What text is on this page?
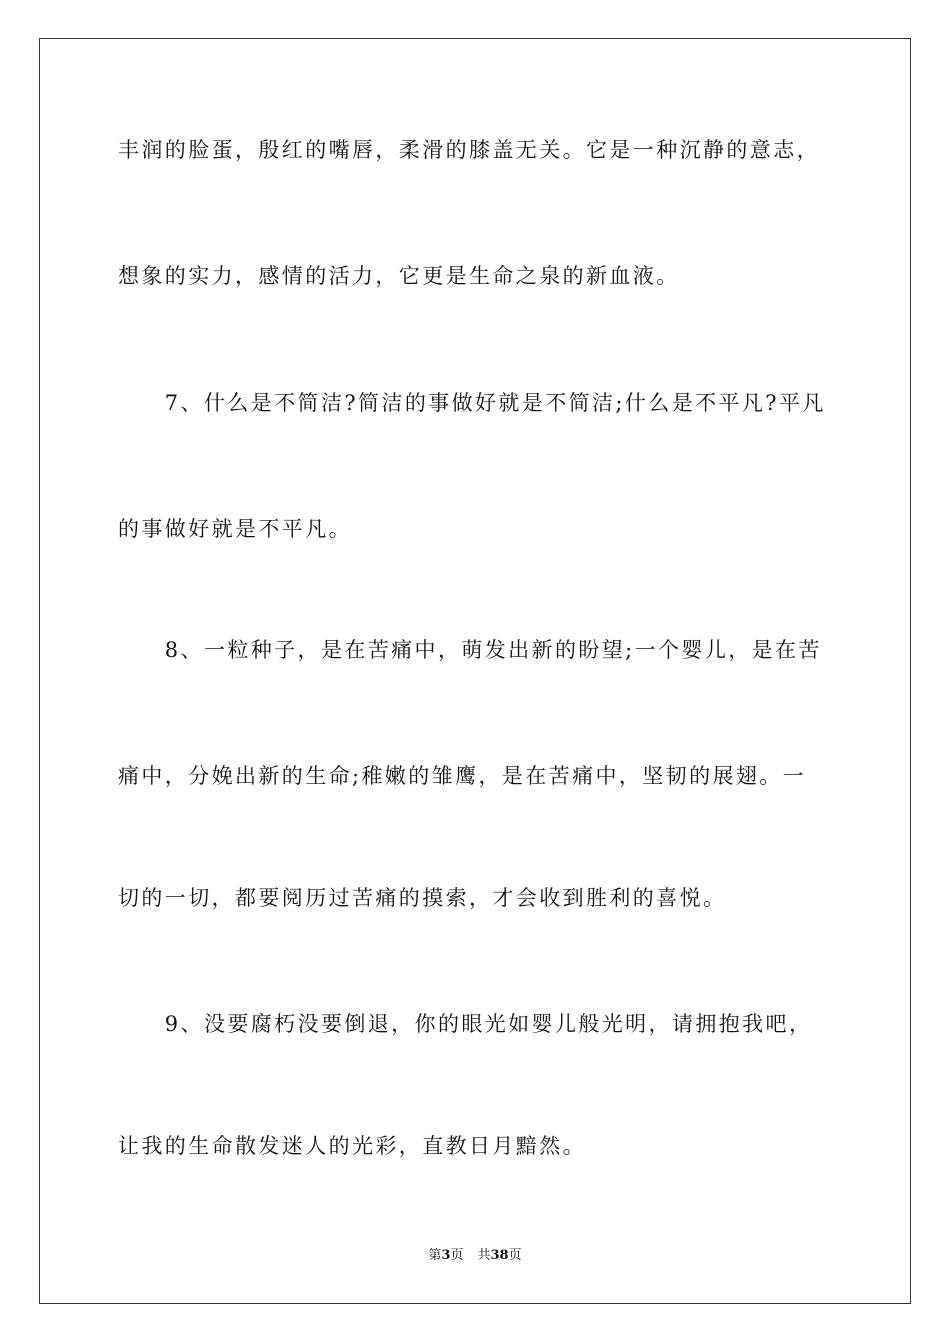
丰润的脸蛋，殷红的嘴唇，柔滑的膝盖无关。它是一种沉静的意志，
想象的实力，感情的活力，它更是生命之泉的新血液。
　　7、什么是不简洁?简洁的事做好就是不简洁;什么是不平凡?平凡
的事做好就是不平凡。
　　8、一粒种子，是在苦痛中，萌发出新的盼望;一个婴儿，是在苦
痛中，分娩出新的生命;稚嫩的雏鹰，是在苦痛中，坚韧的展翅。一
切的一切，都要阅历过苦痛的摸索，才会收到胜利的喜悦。
　　9、没要腐朽没要倒退，你的眼光如婴儿般光明，请拥抱我吧，
让我的生命散发迷人的光彩，直教日月黯然。
第3页 共38页
